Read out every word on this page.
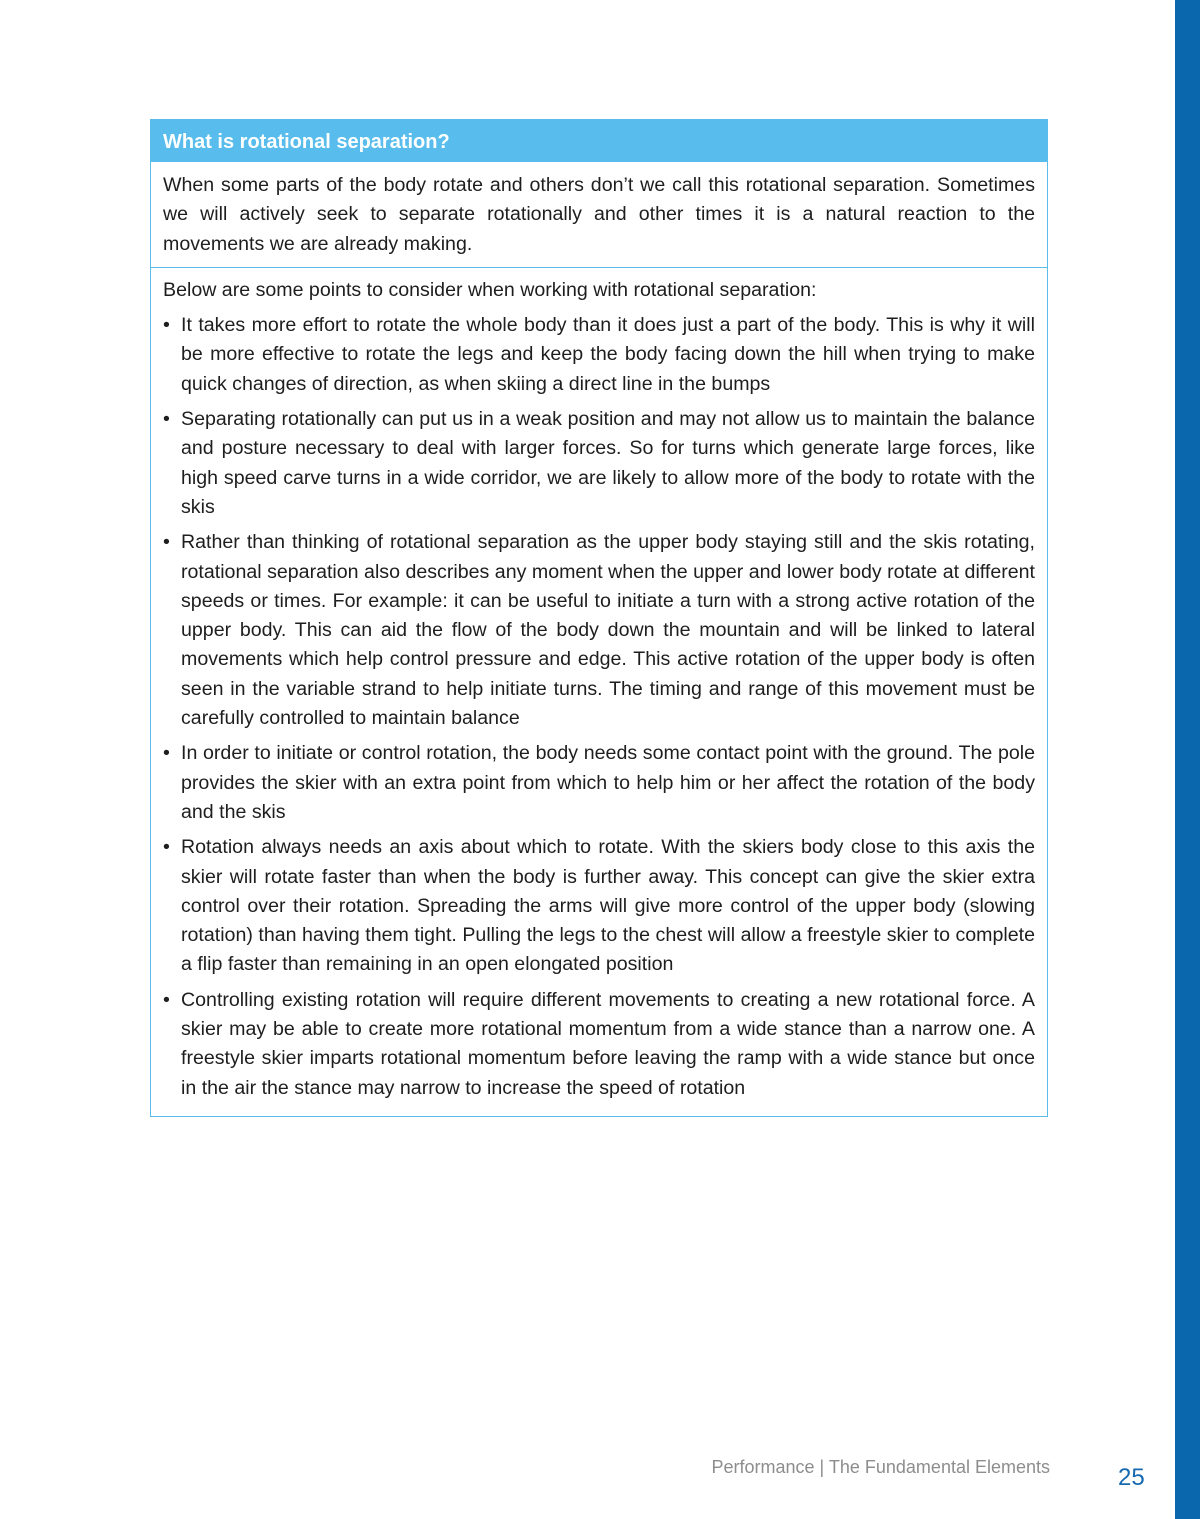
What is rotational separation?
When some parts of the body rotate and others don’t we call this rotational separation. Sometimes we will actively seek to separate rotationally and other times it is a natural reaction to the movements we are already making.

Below are some points to consider when working with rotational separation:

• It takes more effort to rotate the whole body than it does just a part of the body. This is why it will be more effective to rotate the legs and keep the body facing down the hill when trying to make quick changes of direction, as when skiing a direct line in the bumps
• Separating rotationally can put us in a weak position and may not allow us to maintain the balance and posture necessary to deal with larger forces. So for turns which generate large forces, like high speed carve turns in a wide corridor, we are likely to allow more of the body to rotate with the skis
• Rather than thinking of rotational separation as the upper body staying still and the skis rotating, rotational separation also describes any moment when the upper and lower body rotate at different speeds or times. For example: it can be useful to initiate a turn with a strong active rotation of the upper body. This can aid the flow of the body down the mountain and will be linked to lateral movements which help control pressure and edge. This active rotation of the upper body is often seen in the variable strand to help initiate turns. The timing and range of this movement must be carefully controlled to maintain balance
• In order to initiate or control rotation, the body needs some contact point with the ground. The pole provides the skier with an extra point from which to help him or her affect the rotation of the body and the skis
• Rotation always needs an axis about which to rotate. With the skiers body close to this axis the skier will rotate faster than when the body is further away. This concept can give the skier extra control over their rotation. Spreading the arms will give more control of the upper body (slowing rotation) than having them tight. Pulling the legs to the chest will allow a freestyle skier to complete a flip faster than remaining in an open elongated position
• Controlling existing rotation will require different movements to creating a new rotational force. A skier may be able to create more rotational momentum from a wide stance than a narrow one. A freestyle skier imparts rotational momentum before leaving the ramp with a wide stance but once in the air the stance may narrow to increase the speed of rotation
Performance | The Fundamental Elements	25
